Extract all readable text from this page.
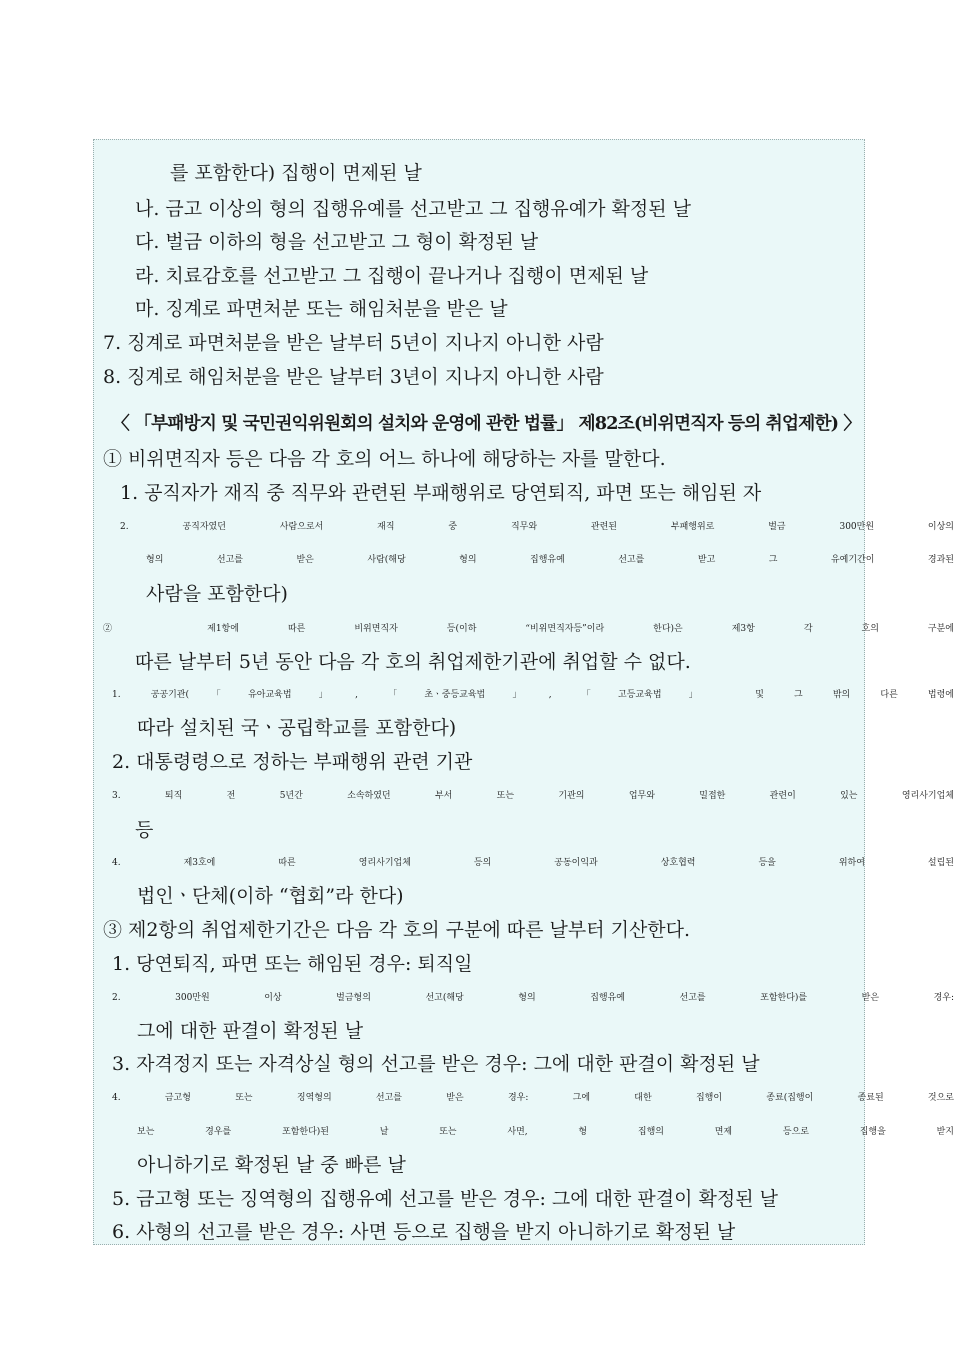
를 포함한다) 집행이 면제된 날
나. 금고 이상의 형의 집행유예를 선고받고 그 집행유예가 확정된 날
다. 벌금 이하의 형을 선고받고 그 형이 확정된 날
라. 치료감호를 선고받고 그 집행이 끝나거나 집행이 면제된 날
마. 징계로 파면처분 또는 해임처분을 받은 날
7. 징계로 파면처분을 받은 날부터 5년이 지나지 아니한 사람
8. 징계로 해임처분을 받은 날부터 3년이 지나지 아니한 사람
〈 「부패방지 및 국민권익위원회의 설치와 운영에 관한 법률」 제82조(비위면직자 등의 취업제한) 〉
① 비위면직자 등은 다음 각 호의 어느 하나에 해당하는 자를 말한다.
1. 공직자가 재직 중 직무와 관련된 부패행위로 당연퇴직, 파면 또는 해임된 자
2. 공직자였던 사람으로서 재직 중 직무와 관련된 부패행위로 벌금 300만원 이상의
형의 선고를 받은 사람(해당 형의 집행유예 선고를 받고 그 유예기간이 경과된
사람을 포함한다)
② 제1항에 따른 비위면직자 등(이하 “비위면직자등”이라 한다)은 제3항 각 호의 구분에
따른 날부터 5년 동안 다음 각 호의 취업제한기관에 취업할 수 없다.
1. 공공기관(「유아교육법」, 「초ㆍ중등교육법」, 「고등교육법」 및 그 밖의 다른 법령에
따라 설치된 국ㆍ공립학교를 포함한다)
2. 대통령령으로 정하는 부패행위 관련 기관
3. 퇴직 전 5년간 소속하였던 부서 또는 기관의 업무와 밀접한 관련이 있는 영리사기업체
등
4. 제3호에 따른 영리사기업체 등의 공동이익과 상호협력 등을 위하여 설립된
법인ㆍ단체(이하 “협회”라 한다)
③ 제2항의 취업제한기간은 다음 각 호의 구분에 따른 날부터 기산한다.
1. 당연퇴직, 파면 또는 해임된 경우: 퇴직일
2. 300만원 이상 벌금형의 선고(해당 형의 집행유예 선고를 포함한다)를 받은 경우:
그에 대한 판결이 확정된 날
3. 자격정지 또는 자격상실 형의 선고를 받은 경우: 그에 대한 판결이 확정된 날
4. 금고형 또는 징역형의 선고를 받은 경우: 그에 대한 집행이 종료(집행이 종료된 것으로
보는 경우를 포함한다)된 날 또는 사면, 형 집행의 면제 등으로 집행을 받지
아니하기로 확정된 날 중 빠른 날
5. 금고형 또는 징역형의 집행유예 선고를 받은 경우: 그에 대한 판결이 확정된 날
6. 사형의 선고를 받은 경우: 사면 등으로 집행을 받지 아니하기로 확정된 날
